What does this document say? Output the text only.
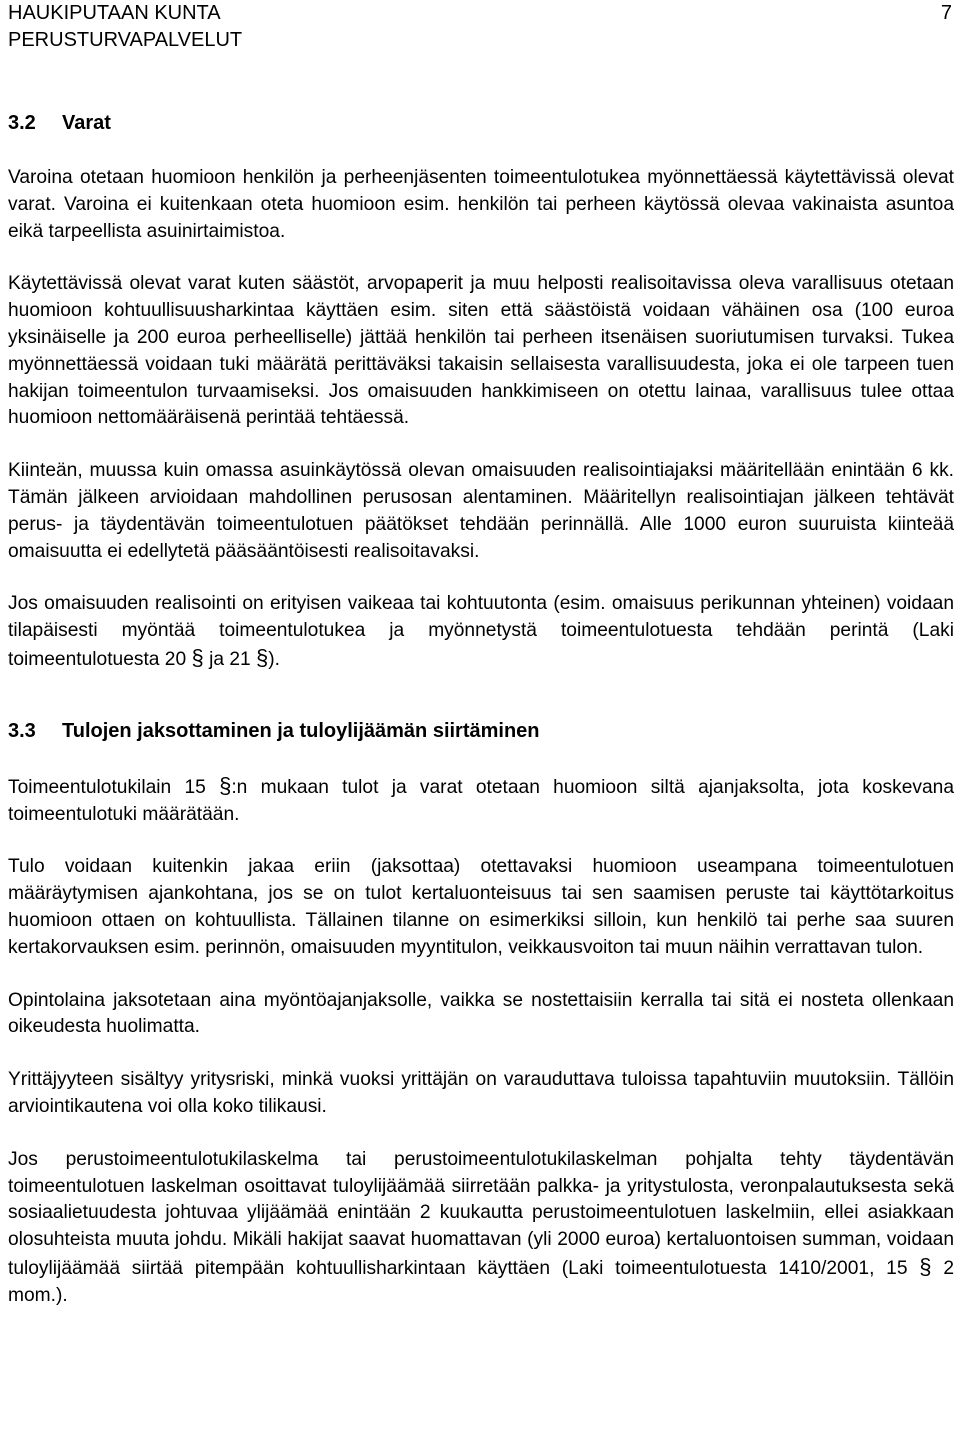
HAUKIPUTAAN KUNTA
PERUSTURVAPALVELUT
7
3.2 Varat

Varoina otetaan huomioon henkilön ja perheenjäsenten toimeentulotukea myönnettäessä käytettävissä olevat varat. Varoina ei kuitenkaan oteta huomioon esim. henkilön tai perheen käytössä olevaa vakinaista asuntoa eikä tarpeellista asuinirtaimistoa.

Käytettävissä olevat varat kuten säästöt, arvopaperit ja muu helposti realisoitavissa oleva varallisuus otetaan huomioon kohtuullisuusharkintaa käyttäen esim. siten että säästöistä voidaan vähäinen osa (100 euroa yksinäiselle ja 200 euroa perheelliselle) jättää henkilön tai perheen itsenäisen suoriutumisen turvaksi. Tukea myönnettäessä voidaan tuki määrätä perittäväksi takaisin sellaisesta varallisuudesta, joka ei ole tarpeen tuen hakijan toimeentulon turvaamiseksi. Jos omaisuuden hankkimiseen on otettu lainaa, varallisuus tulee ottaa huomioon nettomääräisenä perintää tehtäessä.

Kiinteän, muussa kuin omassa asuinkäytössä olevan omaisuuden realisointiajaksi määritellään enintään 6 kk. Tämän jälkeen arvioidaan mahdollinen perusosan alentaminen. Määritellyn realisointiajan jälkeen tehtävät perus- ja täydentävän toimeentulotuen päätökset tehdään perinnällä. Alle 1000 euron suuruista kiinteää omaisuutta ei edellytetä pääsääntöisesti realisoitavaksi.

Jos omaisuuden realisointi on erityisen vaikeaa tai kohtuutonta (esim. omaisuus perikunnan yhteinen) voidaan tilapäisesti myöntää toimeentulotukea ja myönnetystä toimeentulotuesta tehdään perintä (Laki toimeentulotuesta 20 § ja 21 §).

3.3 Tulojen jaksottaminen ja tuloylijäämän siirtäminen

Toimeentulotukilain 15 §:n mukaan tulot ja varat otetaan huomioon siltä ajanjaksolta, jota koskevana toimeentulotuki määrätään.

Tulo voidaan kuitenkin jakaa eriin (jaksottaa) otettavaksi huomioon useampana toimeentulotuen määräytymisen ajankohtana, jos se on tulot kertaluonteisuus tai sen saamisen peruste tai käyttötarkoitus huomioon ottaen on kohtuullista. Tällainen tilanne on esimerkiksi silloin, kun henkilö tai perhe saa suuren kertakorvauksen esim. perinnön, omaisuuden myyntitulon, veikkausvoiton tai muun näihin verrattavan tulon.

Opintolaina jaksotetaan aina myöntöajanjaksolle, vaikka se nostettaisiin kerralla tai sitä ei nosteta ollenkaan oikeudesta huolimatta.

Yrittäjyyteen sisältyy yritysriski, minkä vuoksi yrittäjän on varauduttava tuloissa tapahtuviin muutoksiin. Tällöin arviointikautena voi olla koko tilikausi.

Jos perustoimeentulotukilaskelma tai perustoimeentulotukilaskelman pohjalta tehty täydentävän toimeentulotuen laskelman osoittavat tuloylijäämää siirretään palkka- ja yritystulosta, veronpalautuksesta sekä sosiaalietuudesta johtuvaa ylijäämää enintään 2 kuukautta perustoimeentulotuen laskelmiin, ellei asiakkaan olosuhteista muuta johdu. Mikäli hakijat saavat huomattavan (yli 2000 euroa) kertaluontoisen summan, voidaan tuloylijäämää siirtää pitempään kohtuullisharkintaan käyttäen (Laki toimeentulotuesta 1410/2001, 15 § 2 mom.).
